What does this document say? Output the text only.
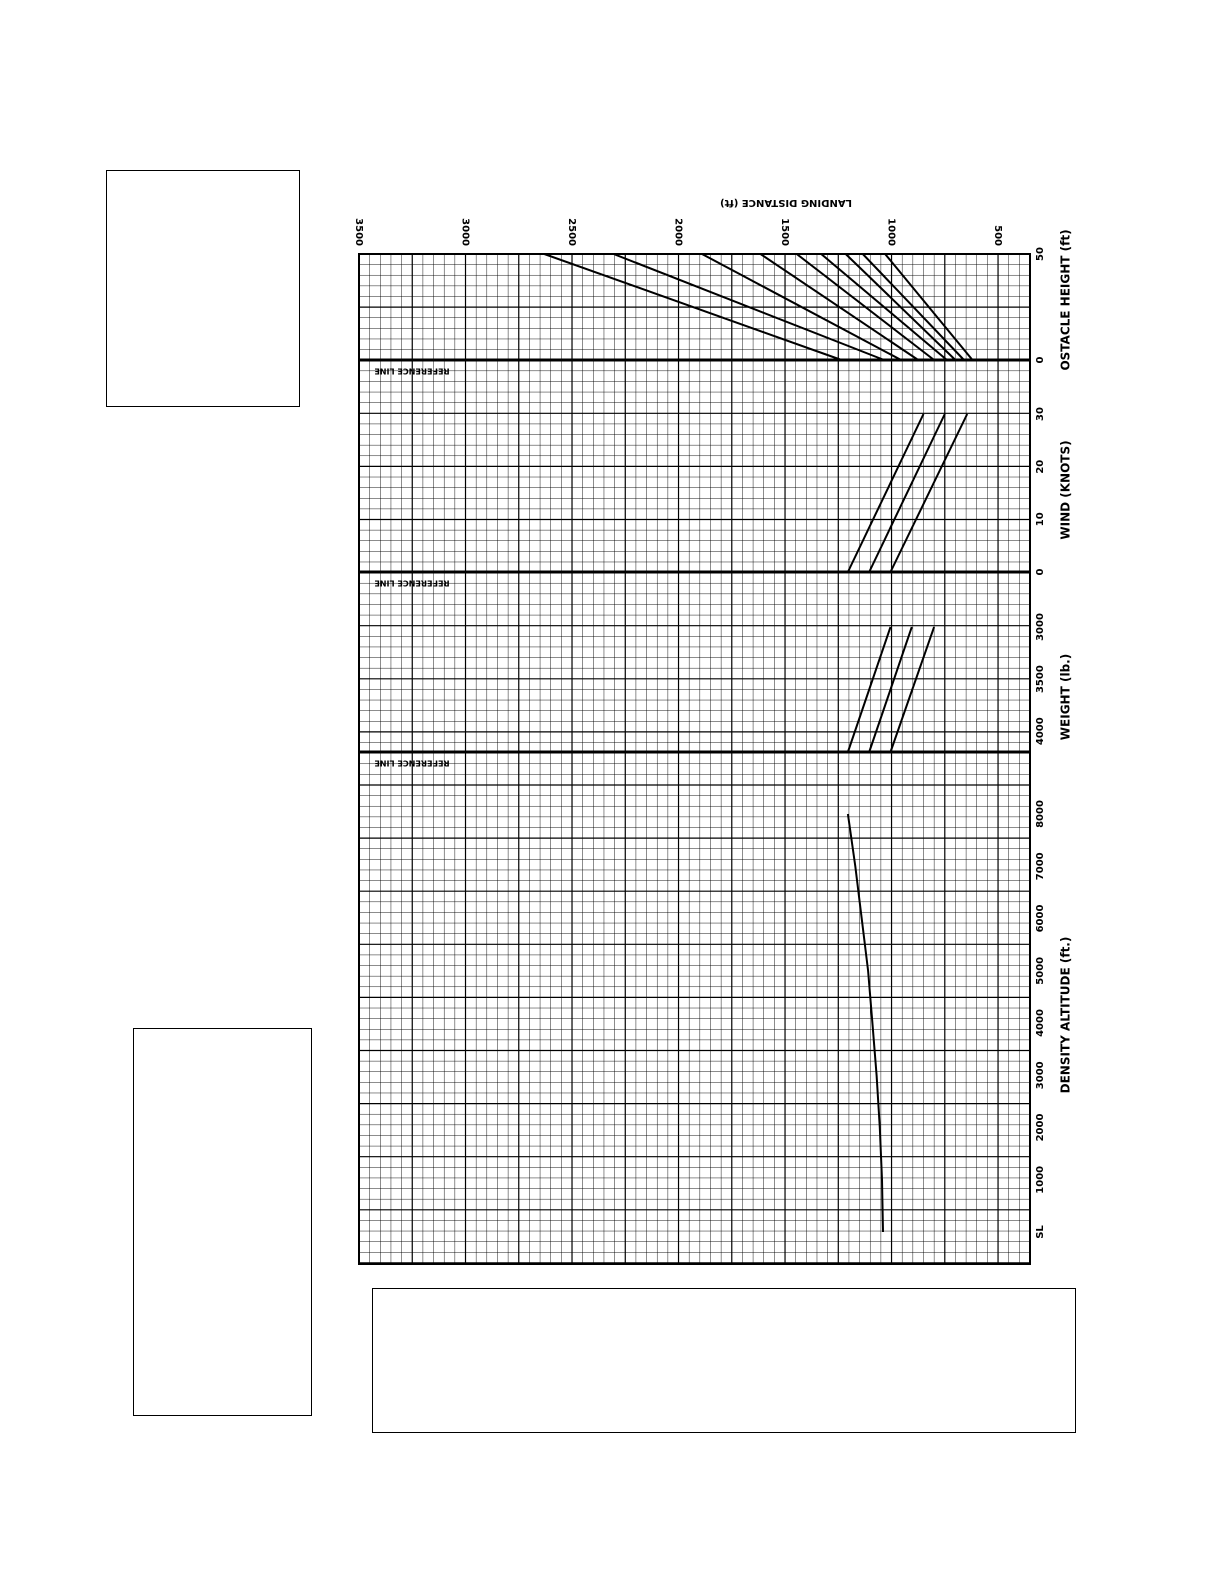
500
1000
1500
2000
2500
3000
3500
LANDING DISTANCE (ft)
SL
1000
2000
3000
4000
5000
6000
7000
8000
DENSITY ALTITUDE (ft.)
4000
3500
3000
WEIGHT (lb.)
0
10
20
30
WIND (KNOTS)
0
50 OSTACLE HEIGHT (ft)
REFERENCE LINE
REFERENCE LINE
REFERENCE LINE
